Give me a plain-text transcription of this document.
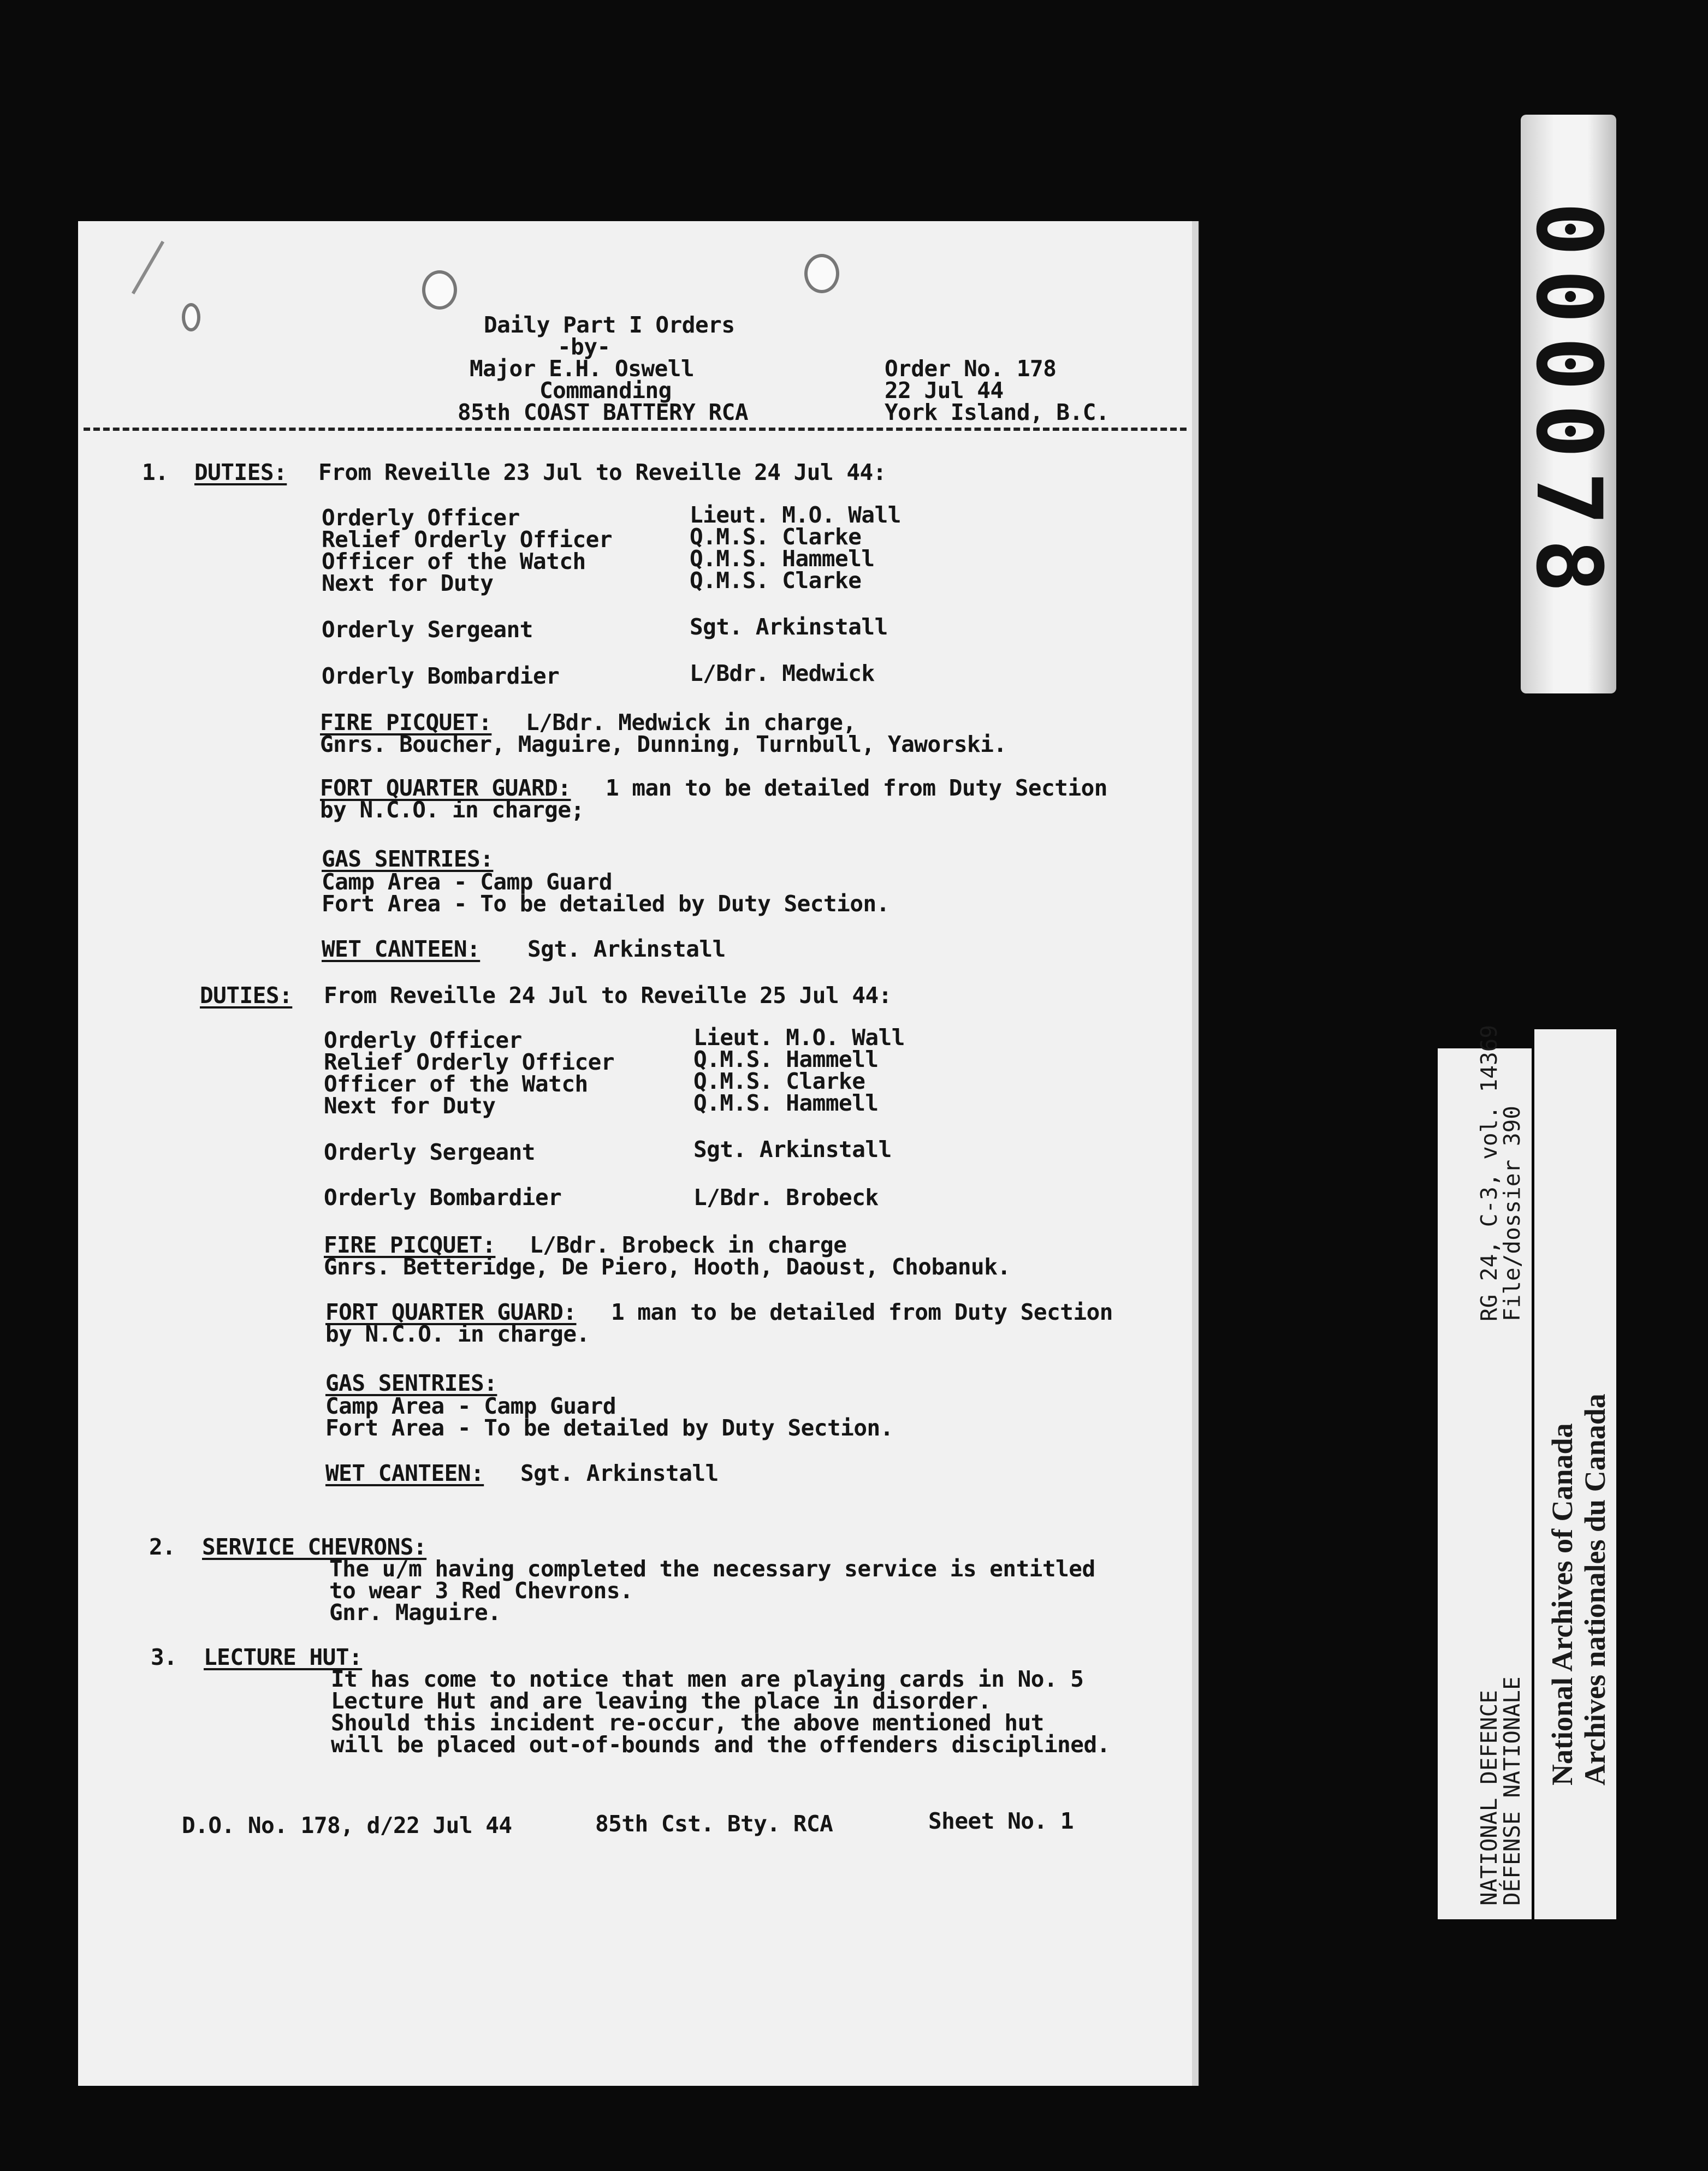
Daily Part I Orders
-by-
Major E.H. Oswell
Commanding
85th COAST BATTERY RCA
Order No. 178
22 Jul 44
York Island, B.C.
1. DUTIES: From Reveille 23 Jul to Reveille 24 Jul 44:
Orderly Officer	Lieut. M.O. Wall
Relief Orderly Officer	Q.M.S. Clarke
Officer of the Watch	Q.M.S. Hammell
Next for Duty	Q.M.S. Clarke
Orderly Sergeant	Sgt. Arkinstall
Orderly Bombardier	L/Bdr. Medwick
FIRE PICQUET: L/Bdr. Medwick in charge,
Gnrs. Boucher, Maguire, Dunning, Turnbull, Yaworski.
FORT QUARTER GUARD: 1 man to be detailed from Duty Section
by N.C.O. in charge;
GAS SENTRIES:
Camp Area - Camp Guard
Fort Area - To be detailed by Duty Section.
WET CANTEEN: Sgt. Arkinstall
DUTIES: From Reveille 24 Jul to Reveille 25 Jul 44:
Orderly Officer	Lieut. M.O. Wall
Relief Orderly Officer	Q.M.S. Hammell
Officer of the Watch	Q.M.S. Clarke
Next for Duty	Q.M.S. Hammell
Orderly Sergeant	Sgt. Arkinstall
Orderly Bombardier	L/Bdr. Brobeck
FIRE PICQUET: L/Bdr. Brobeck in charge
Gnrs. Betteridge, De Piero, Hooth, Daoust, Chobanuk.
FORT QUARTER GUARD: 1 man to be detailed from Duty Section
by N.C.O. in charge.
GAS SENTRIES:
Camp Area - Camp Guard
Fort Area - To be detailed by Duty Section.
WET CANTEEN: Sgt. Arkinstall
2. SERVICE CHEVRONS:
The u/m having completed the necessary service is entitled
to wear 3 Red Chevrons.
Gnr. Maguire.
3. LECTURE HUT:
It has come to notice that men are playing cards in No. 5
Lecture Hut and are leaving the place in disorder.
Should this incident re-occur, the above mentioned hut
will be placed out-of-bounds and the offenders disciplined.
D.O. No. 178, d/22 Jul 44	85th Cst. Bty. RCA	Sheet No. 1
000078
RG 24, C-3, vol. 14369
File/dossier 390
NATIONAL DEFENCE
DÉFENSE NATIONALE
National Archives of Canada Archives nationales du Canada
